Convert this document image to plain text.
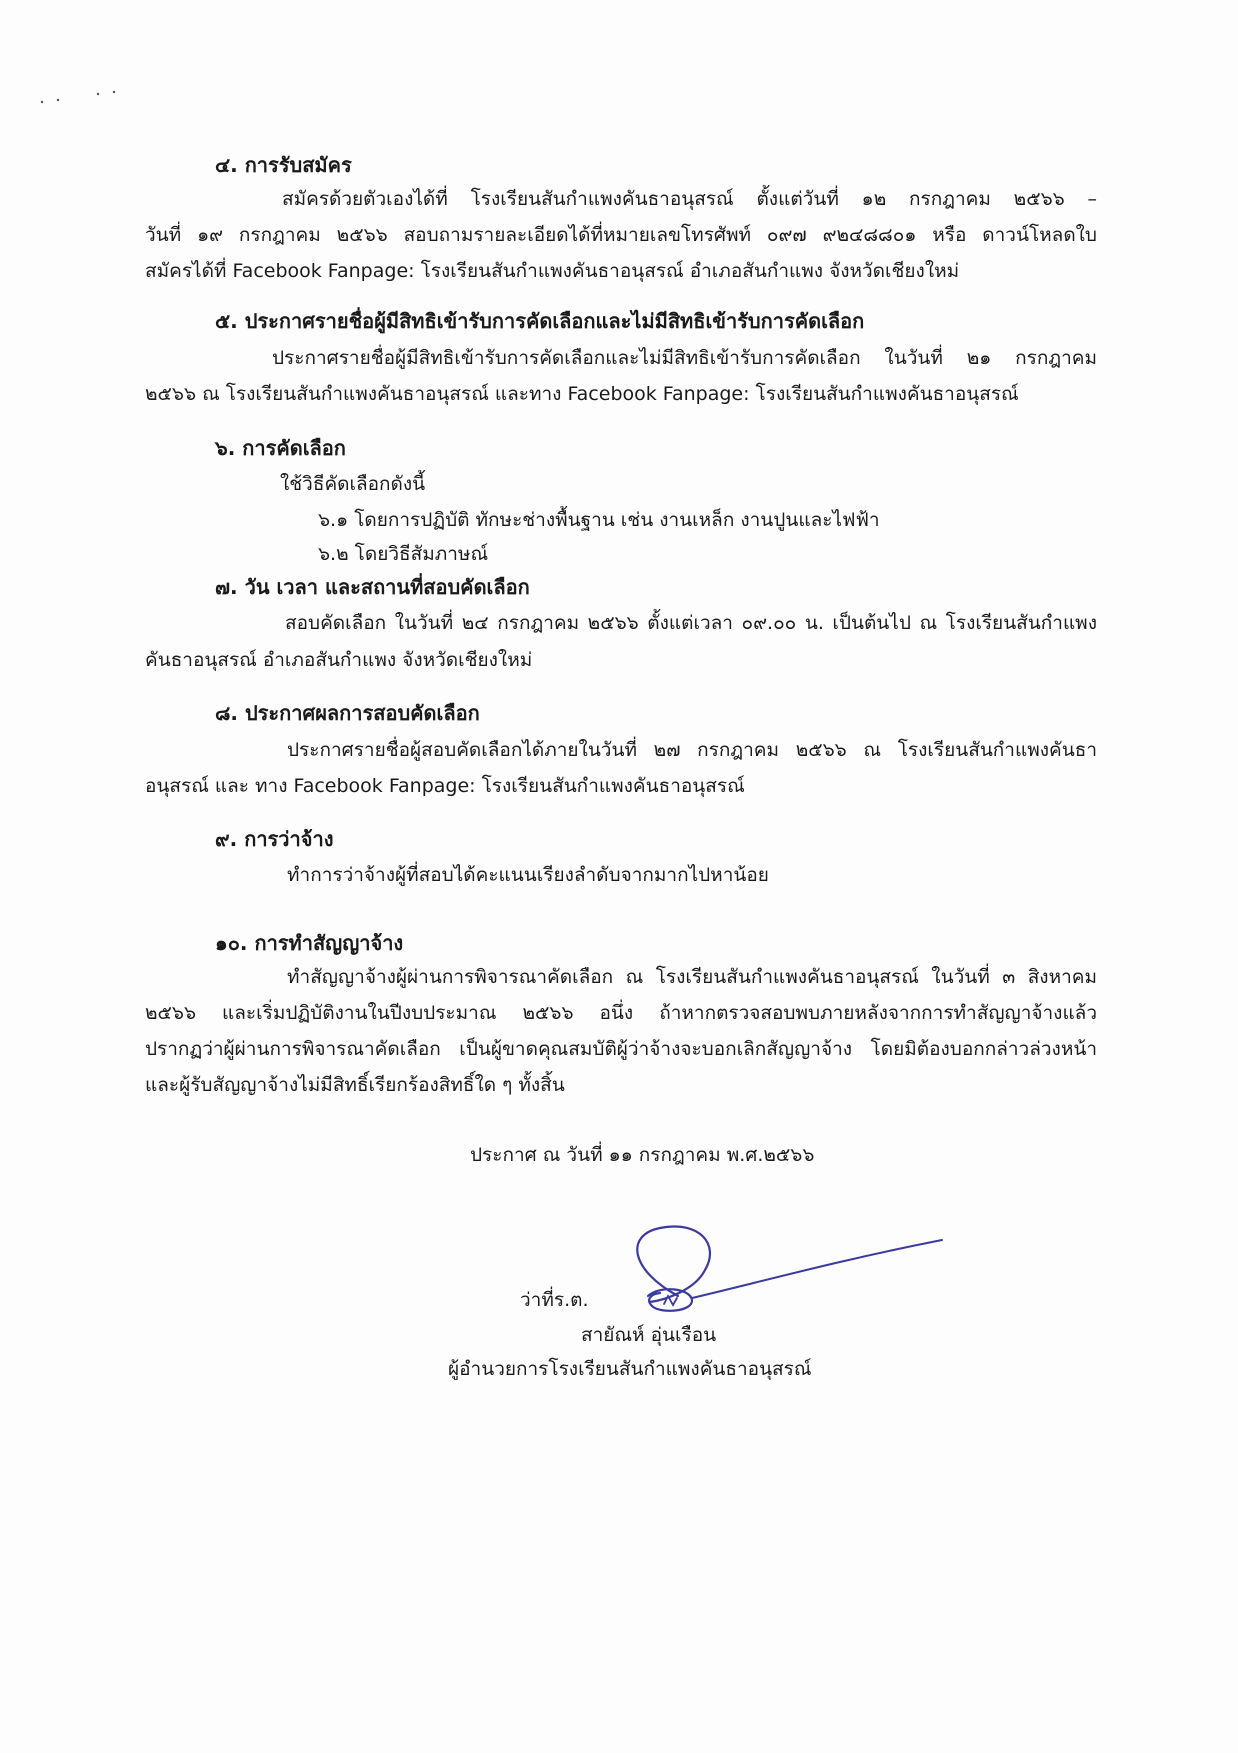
๔. การรับสมัคร
สมัครด้วยตัวเองได้ที่ โรงเรียนสันกำแพงคันธาอนุสรณ์ ตั้งแต่วันที่ ๑๒ กรกฎาคม ๒๕๖๖ –
วันที่ ๑๙ กรกฎาคม ๒๕๖๖ สอบถามรายละเอียดได้ที่หมายเลขโทรศัพท์ ๐๙๗ ๙๒๔๘๘๐๑ หรือ ดาวน์โหลดใบ
สมัครได้ที่ Facebook Fanpage: โรงเรียนสันกำแพงคันธาอนุสรณ์ อำเภอสันกำแพง จังหวัดเชียงใหม่
๕. ประกาศรายชื่อผู้มีสิทธิเข้ารับการคัดเลือกและไม่มีสิทธิเข้ารับการคัดเลือก
ประกาศรายชื่อผู้มีสิทธิเข้ารับการคัดเลือกและไม่มีสิทธิเข้ารับการคัดเลือก ในวันที่ ๒๑ กรกฎาคม
๒๕๖๖ ณ โรงเรียนสันกำแพงคันธาอนุสรณ์ และทาง Facebook Fanpage: โรงเรียนสันกำแพงคันธาอนุสรณ์
๖. การคัดเลือก
ใช้วิธีคัดเลือกดังนี้
๖.๑ โดยการปฏิบัติ ทักษะช่างพื้นฐาน เช่น งานเหล็ก งานปูนและไฟฟ้า
๖.๒ โดยวิธีสัมภาษณ์
๗. วัน เวลา และสถานที่สอบคัดเลือก
สอบคัดเลือก ในวันที่ ๒๔ กรกฎาคม ๒๕๖๖ ตั้งแต่เวลา ๐๙.๐๐ น. เป็นต้นไป ณ โรงเรียนสันกำแพง
คันธาอนุสรณ์ อำเภอสันกำแพง จังหวัดเชียงใหม่
๘. ประกาศผลการสอบคัดเลือก
ประกาศรายชื่อผู้สอบคัดเลือกได้ภายในวันที่ ๒๗ กรกฎาคม ๒๕๖๖ ณ โรงเรียนสันกำแพงคันธา
อนุสรณ์ และ ทาง Facebook Fanpage: โรงเรียนสันกำแพงคันธาอนุสรณ์
๙. การว่าจ้าง
ทำการว่าจ้างผู้ที่สอบได้คะแนนเรียงลำดับจากมากไปหาน้อย
๑๐. การทำสัญญาจ้าง
ทำสัญญาจ้างผู้ผ่านการพิจารณาคัดเลือก ณ โรงเรียนสันกำแพงคันธาอนุสรณ์ ในวันที่ ๓ สิงหาคม
๒๕๖๖ และเริ่มปฏิบัติงานในปีงบประมาณ ๒๕๖๖ อนึ่ง ถ้าหากตรวจสอบพบภายหลังจากการทำสัญญาจ้างแล้ว
ปรากฏว่าผู้ผ่านการพิจารณาคัดเลือก เป็นผู้ขาดคุณสมบัติผู้ว่าจ้างจะบอกเลิกสัญญาจ้าง โดยมิต้องบอกกล่าวล่วงหน้า
และผู้รับสัญญาจ้างไม่มีสิทธิ์เรียกร้องสิทธิ์ใด ๆ ทั้งสิ้น
ประกาศ ณ วันที่ ๑๑ กรกฎาคม พ.ศ.๒๕๖๖
ว่าที่ร.ต.
สายัณห์ อุ่นเรือน
ผู้อำนวยการโรงเรียนสันกำแพงคันธาอนุสรณ์
